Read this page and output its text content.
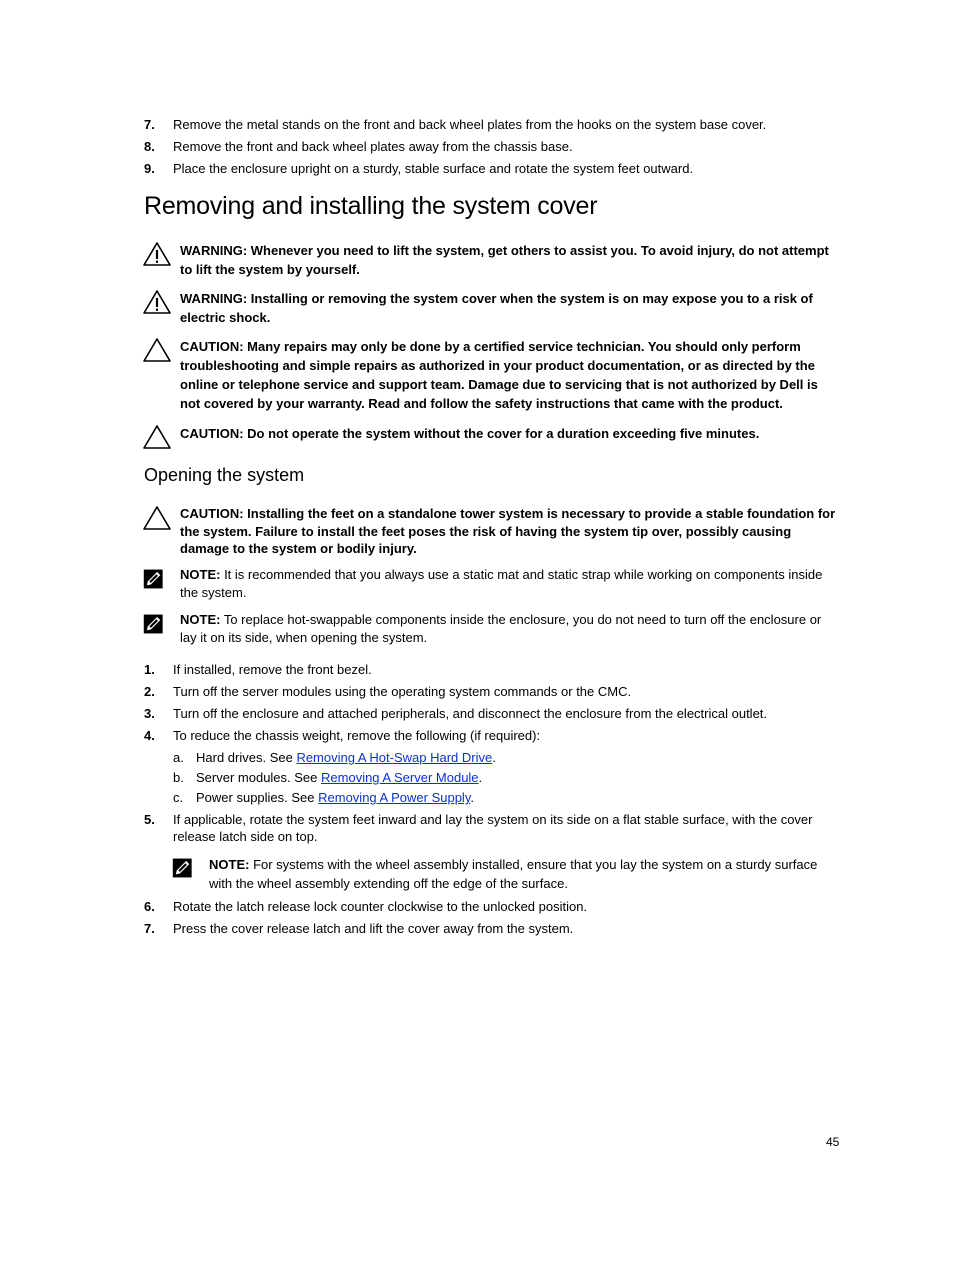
7. Remove the metal stands on the front and back wheel plates from the hooks on the system base cover.
8. Remove the front and back wheel plates away from the chassis base.
9. Place the enclosure upright on a sturdy, stable surface and rotate the system feet outward.
Removing and installing the system cover
WARNING: Whenever you need to lift the system, get others to assist you. To avoid injury, do not attempt to lift the system by yourself.
WARNING: Installing or removing the system cover when the system is on may expose you to a risk of electric shock.
CAUTION: Many repairs may only be done by a certified service technician. You should only perform troubleshooting and simple repairs as authorized in your product documentation, or as directed by the online or telephone service and support team. Damage due to servicing that is not authorized by Dell is not covered by your warranty. Read and follow the safety instructions that came with the product.
CAUTION: Do not operate the system without the cover for a duration exceeding five minutes.
Opening the system
CAUTION: Installing the feet on a standalone tower system is necessary to provide a stable foundation for the system. Failure to install the feet poses the risk of having the system tip over, possibly causing damage to the system or bodily injury.
NOTE: It is recommended that you always use a static mat and static strap while working on components inside the system.
NOTE: To replace hot-swappable components inside the enclosure, you do not need to turn off the enclosure or lay it on its side, when opening the system.
1. If installed, remove the front bezel.
2. Turn off the server modules using the operating system commands or the CMC.
3. Turn off the enclosure and attached peripherals, and disconnect the enclosure from the electrical outlet.
4. To reduce the chassis weight, remove the following (if required):
a. Hard drives. See Removing A Hot-Swap Hard Drive.
b. Server modules. See Removing A Server Module.
c. Power supplies. See Removing A Power Supply.
5. If applicable, rotate the system feet inward and lay the system on its side on a flat stable surface, with the cover release latch side on top.
NOTE: For systems with the wheel assembly installed, ensure that you lay the system on a sturdy surface with the wheel assembly extending off the edge of the surface.
6. Rotate the latch release lock counter clockwise to the unlocked position.
7. Press the cover release latch and lift the cover away from the system.
45
